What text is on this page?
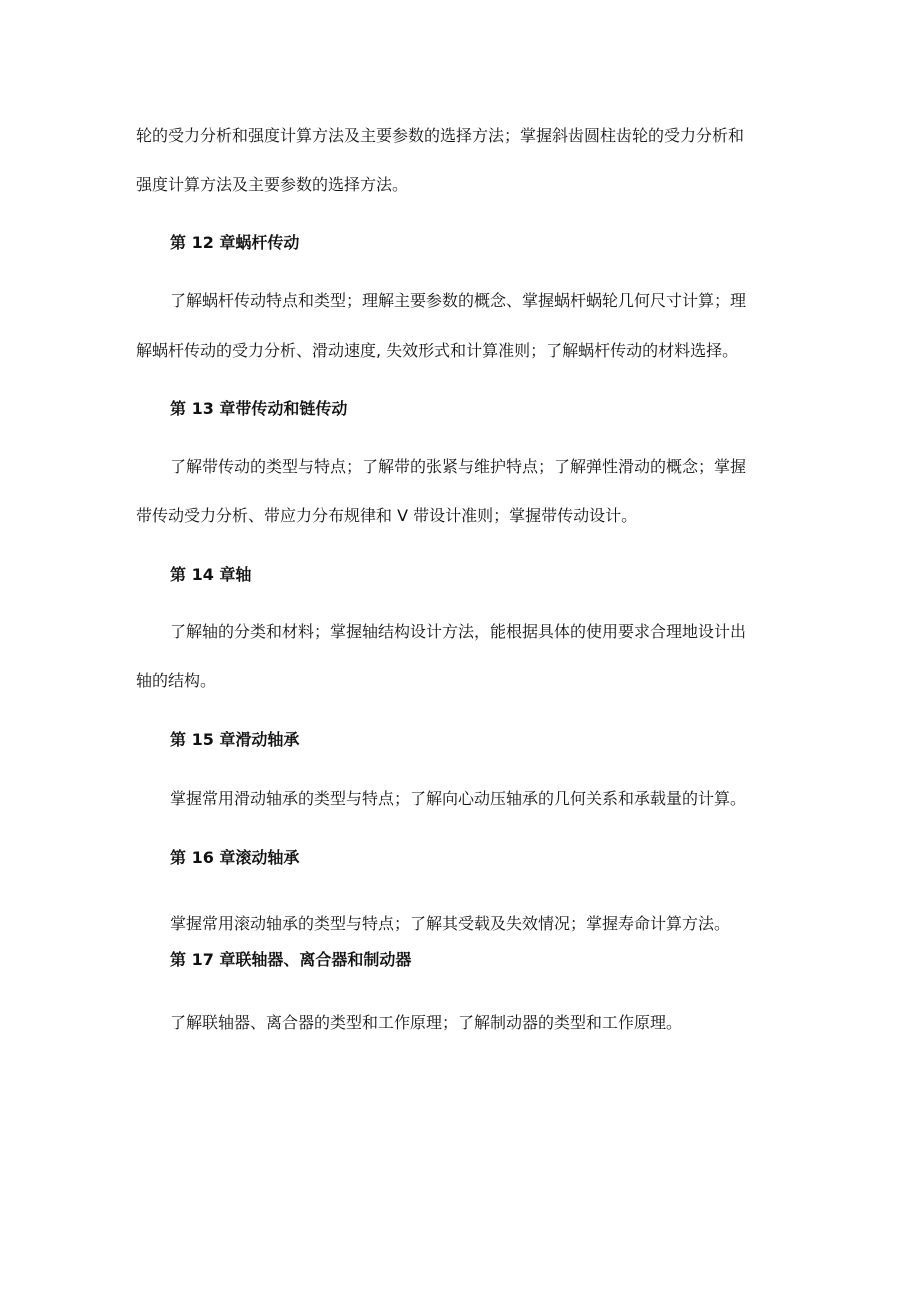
轮的受力分析和强度计算方法及主要参数的选择方法；掌握斜齿圆柱齿轮的受力分析和
强度计算方法及主要参数的选择方法。
第 12 章蜗杆传动
了解蜗杆传动特点和类型；理解主要参数的概念、掌握蜗杆蜗轮几何尺寸计算；理
解蜗杆传动的受力分析、滑动速度, 失效形式和计算准则；了解蜗杆传动的材料选择。
第 13 章带传动和链传动
了解带传动的类型与特点；了解带的张紧与维护特点；了解弹性滑动的概念；掌握
带传动受力分析、带应力分布规律和 V 带设计准则；掌握带传动设计。
第 14 章轴
了解轴的分类和材料；掌握轴结构设计方法，能根据具体的使用要求合理地设计出
轴的结构。
第 15 章滑动轴承
掌握常用滑动轴承的类型与特点；了解向心动压轴承的几何关系和承载量的计算。
第 16 章滚动轴承
掌握常用滚动轴承的类型与特点；了解其受载及失效情况；掌握寿命计算方法。
第 17 章联轴器、离合器和制动器
了解联轴器、离合器的类型和工作原理；了解制动器的类型和工作原理。
